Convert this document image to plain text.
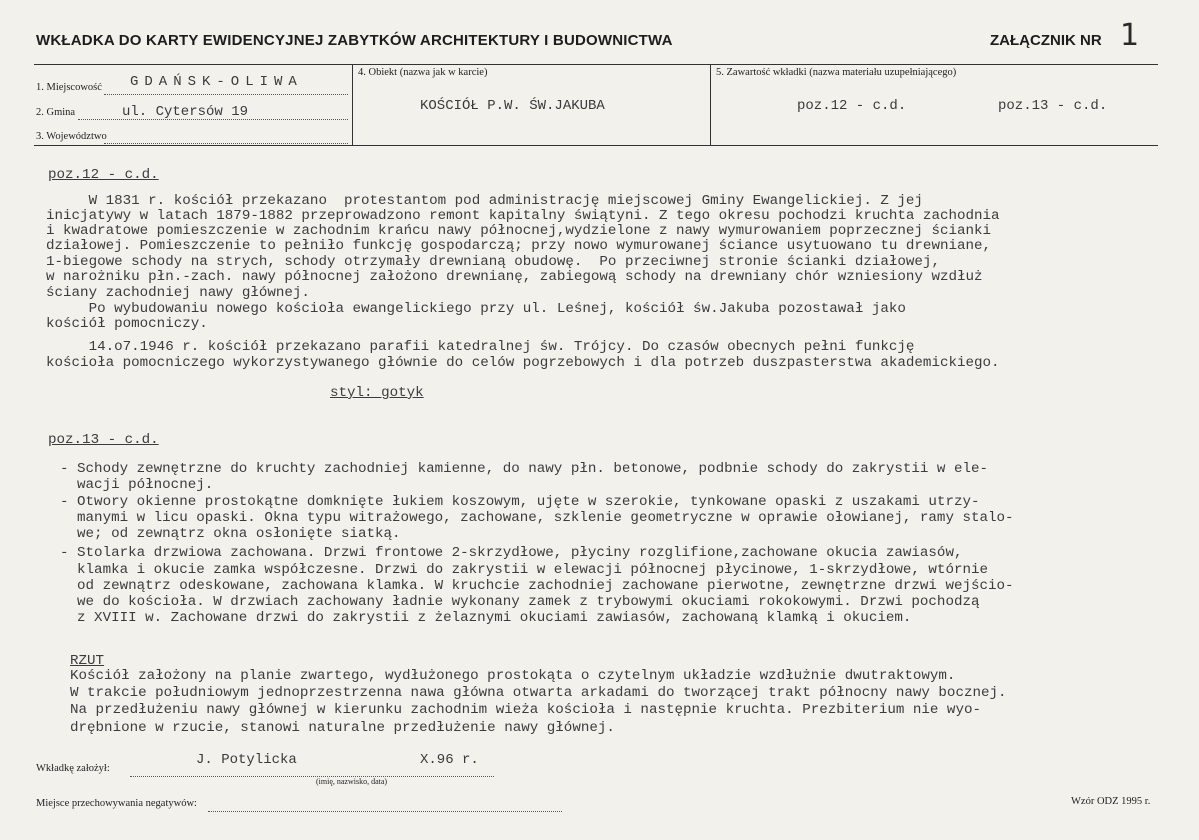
WKŁADKA DO KARTY EWIDENCYJNEJ ZABYTKÓW ARCHITEKTURY I BUDOWNICTWA	ZAŁĄCZNIK NR 1
1. Miejscowość GDAŃSK-OLIWA
2. Gmina	ul. Cytersów 19
3. Województwo
4. Obiekt (nazwa jak w karcie)
KOŚCIÓŁ P.W. ŚW.JAKUBA
5. Zawartość wkładki (nazwa materiału uzupełniającego)
poz.12 - c.d.	poz.13 - c.d.
poz.12 - c.d.
W 1831 r. kościół przekazano  protestantom pod administrację miejscowej Gminy Ewangelickiej. Z jej
inicjatywy w latach 1879-1882 przeprowadzono remont kapitalny świątyni. Z tego okresu pochodzi kruchta zachodnia
i kwadratowe pomieszczenie w zachodnim krańcu nawy północnej,wydzielone z nawy wymurowaniem poprzecznej ścianki
działowej. Pomieszczenie to pełniło funkcję gospodarczą; przy nowo wymurowanej ściance usytuowano tu drewniane,
1-biegowe schody na strych, schody otrzymały drewnianą obudowę.  Po przeciwnej stronie ścianki działowej,
w narożniku płn.-zach. nawy północnej założono drewnianę, zabiegową schody na drewniany chór wzniesiony wzdłuż
ściany zachodniej nawy głównej.
Po wybudowaniu nowego kościoła ewangelickiego przy ul. Leśnej, kościół św.Jakuba pozostawał jako
kościół pomocniczy.
14.o7.1946 r. kościół przekazano parafii katedralnej św. Trójcy. Do czasów obecnych pełni funkcję
kościoła pomocniczego wykorzystywanego głównie do celów pogrzebowych i dla potrzeb duszpasterstwa akademickiego.
styl: gotyk
poz.13 - c.d.
- Schody zewnętrzne do kruchty zachodniej kamienne, do nawy płn. betonowe, podbnie schody do zakrystii w ele-
wacji północnej.
- Otwory okienne prostokątne domknięte łukiem koszowym, ujęte w szerokie, tynkowane opaski z uszakami utrzy-
manymi w licu opaski. Okna typu witrażowego, zachowane, szklenie geometryczne w oprawie ołowianej, ramy stalo-
we; od zewnątrz okna osłonięte siatką.
- Stolarka drzwiowa zachowana. Drzwi frontowe 2-skrzydłowe, płyciny rozglifione,zachowane okucia zawiasów,
klamka i okucie zamka współczesne. Drzwi do zakrystii w elewacji północnej płycinowe, 1-skrzydłowe, wtórnie
od zewnątrz odeskowane, zachowana klamka. W kruchcie zachodniej zachowane pierwotne, zewnętrzne drzwi wejścio-
we do kościoła. W drzwiach zachowany ładnie wykonany zamek z trybowymi okuciami rokokowymi. Drzwi pochodzą
z XVIII w. Zachowane drzwi do zakrystii z żelaznymi okuciami zawiasów, zachowaną klamką i okuciem.
RZUT
Kościół założony na planie zwartego, wydłużonego prostokąta o czytelnym układzie wzdłużnie dwutraktowym.
W trakcie południowym jednoprzestrzenna nawa główna otwarta arkadami do tworzącej trakt północny nawy bocznej.
Na przedłużeniu nawy głównej w kierunku zachodnim wieża kościoła i następnie kruchta. Prezbiterium nie wyo-
drębnione w rzucie, stanowi naturalne przedłużenie nawy głównej.
Wkładkę założył:
J. Potylicka	X.96 r.
(imię, nazwisko, data)
Miejsce przechowywania negatywów:	Wzór ODZ 1995 r.
